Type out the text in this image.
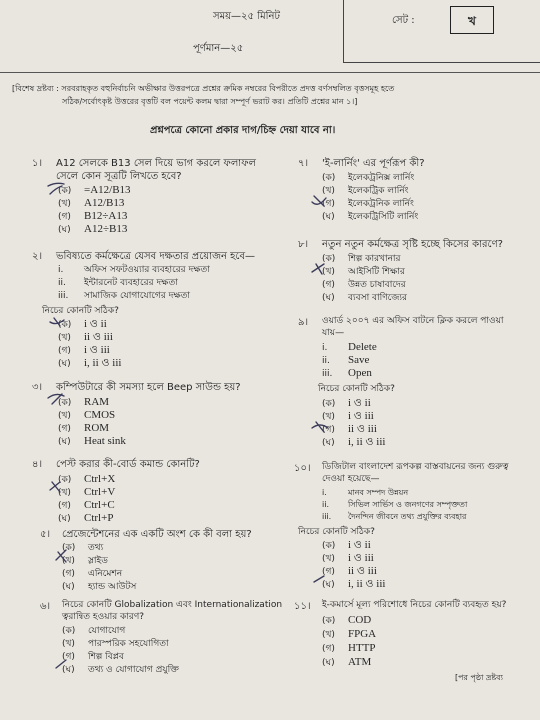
সময়—২৫ মিনিট
পূর্ণমান—২৫
সেট :	খ
[বিশেষ দ্রষ্টব্য : সরবরাহকৃত বহুনির্বাচনি অভীক্ষার উত্তরপত্রে প্রশ্নের ক্রমিক নম্বরের বিপরীতে প্রদত্ত বর্ণসম্বলিত বৃত্তসমূহ হতে
সঠিক/সর্বোৎকৃষ্ট উত্তরের বৃত্তটি বল পয়েন্ট কলম দ্বারা সম্পূর্ণ ভরাট কর। প্রতিটি প্রশ্নের মান ১।]
প্রশ্নপত্রে কোনো প্রকার দাগ/চিহ্ন দেয়া যাবে না।
১। A12 সেলকে B13 সেল দিয়ে ভাগ করলে ফলাফল
সেলে কোন সূত্রটি লিখতে হবে?
(ক) =A12/B13
(খ) A12/B13
(গ) B12÷A13
(ঘ) A12÷B13
২। ভবিষ্যতে কর্মক্ষেত্রে যেসব দক্ষতার প্রয়োজন হবে—
i. অফিস সফটওয়্যার ব্যবহারের দক্ষতা
ii. ইন্টারনেট ব্যবহারের দক্ষতা
iii. সামাজিক যোগাযোগের দক্ষতা
নিচের কোনটি সঠিক?
(ক) i ও ii
(খ) ii ও iii
(গ) i ও iii
(ঘ) i, ii ও iii
৩। কম্পিউটারে কী সমস্যা হলে Beep সাউন্ড হয়?
(ক) RAM
(খ) CMOS
(গ) ROM
(ঘ) Heat sink
৪। পেস্ট করার কী-বোর্ড কমান্ড কোনটি?
(ক) Ctrl+X
(খ) Ctrl+V
(গ) Ctrl+C
(ঘ) Ctrl+P
৫। প্রেজেন্টেশনের এক একটি অংশ কে কী বলা হয়?
(ক) তথ্য
(খ) স্লাইড
(গ) এনিমেশন
(ঘ) হ্যান্ড আউটস
৬। নিচের কোনটি Globalization এবং Internationalization
ত্বরান্বিত হওয়ার কারণ?
(ক) যোগাযোগ
(খ) পারস্পরিক সহযোগিতা
(গ) শিল্প বিপ্লব
(ঘ) তথ্য ও যোগাযোগ প্রযুক্তি
৭। 'ই-লার্নিং' এর পূর্ণরূপ কী?
(ক) ইলেকট্রনিক্স লার্নিং
(খ) ইলেকট্রিক লার্নিং
(গ) ইলেকট্রনিক লার্নিং
(ঘ) ইলেকট্রিসিটি লার্নিং
৮। নতুন নতুন কর্মক্ষেত্র সৃষ্টি হচ্ছে কিসের কারণে?
(ক) শিল্প কারখানার
(খ) আইসিটি শিক্ষার
(গ) উন্নত চাষাবাদের
(ঘ) ব্যবসা বাণিজ্যের
৯। ওয়ার্ড ২০০৭ এর অফিস বাটনে ক্লিক করলে পাওয়া
যায়—
i. Delete
ii. Save
iii. Open
নিচের কোনটি সঠিক?
(ক) i ও ii
(খ) i ও iii
(গ) ii ও iii
(ঘ) i, ii ও iii
১০। ডিজিটাল বাংলাদেশ রূপকল্প বাস্তবায়নের জন্য গুরুত্ব
দেওয়া হয়েছে—
i.	মানব সম্পদ উন্নয়ন
ii. সিভিল সার্ভিস ও জনগণের সম্পৃক্ততা
iii. দৈনন্দিন জীবনে তথ্য প্রযুক্তির ব্যবহার
নিচের কোনটি সঠিক?
(ক) i ও ii
(খ) i ও iii
(গ) ii ও iii
(ঘ) i, ii ও iii
১১। ই-কমার্সে মূল্য পরিশোধে নিচের কোনটি ব্যবহৃত হয়?
(ক) COD
(খ) FPGA
(গ) HTTP
(ঘ) ATM
[পর পৃষ্ঠা দ্রষ্টব্য
